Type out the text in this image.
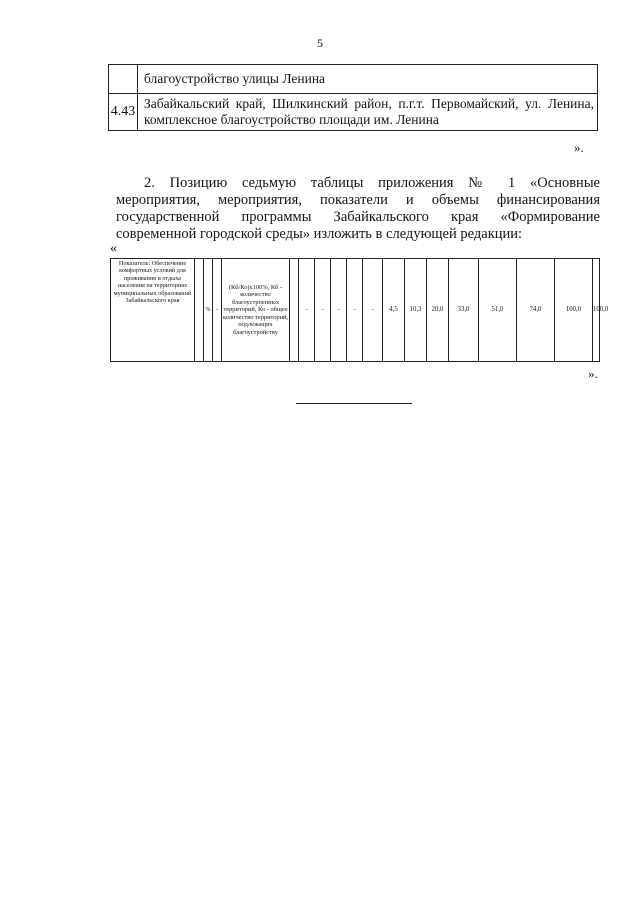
5
	благоустройство улицы Ленина
4.43	Забайкальский край, Шилкинский район, п.г.т. Первомайский, ул. Ленина, комплексное благоустройство площади им. Ленина
».
2. Позицию седьмую таблицы приложения № 1 «Основные
мероприятия, мероприятия, показатели и объемы финансирования
государственной программы Забайкальского края «Формирование
современной городской среды» изложить в следующей редакции:
«
Показатель: Обеспечение комфортных условий для проживания и отдыха населения на территориях муниципальных образований Забайкальского края		%	-	(Кб/Ко)х100%, Кб - количество благоустроенных территорий, Ко - общее количество территорий, подлежащих благоустройству		-	-	-	-	-	4,5	10,3	20,0	33,0	51,0	74,0	100,0	100,0
».
